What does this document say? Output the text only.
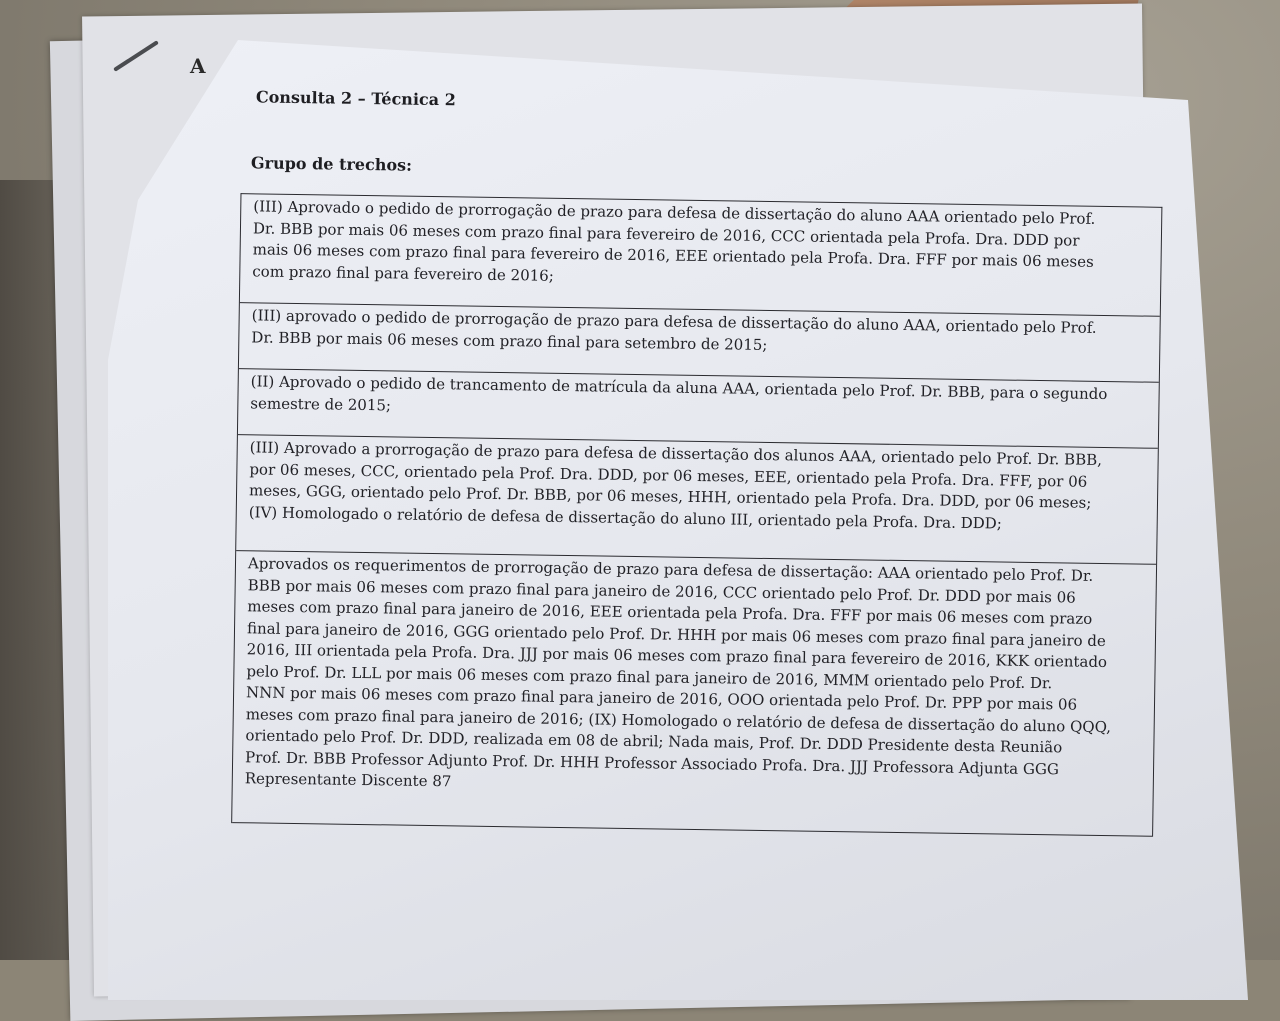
A
Consulta 2 – Técnica 2
Grupo de trechos:
(III) Aprovado o pedido de prorrogação de prazo para defesa de dissertação do aluno AAA orientado pelo Prof.
Dr. BBB por mais 06 meses com prazo final para fevereiro de 2016, CCC orientada pela Profa. Dra. DDD por
mais 06 meses com prazo final para fevereiro de 2016, EEE orientado pela Profa. Dra. FFF por mais 06 meses
com prazo final para fevereiro de 2016;
(III) aprovado o pedido de prorrogação de prazo para defesa de dissertação do aluno AAA, orientado pelo Prof.
Dr. BBB por mais 06 meses com prazo final para setembro de 2015;
(II) Aprovado o pedido de trancamento de matrícula da aluna AAA, orientada pelo Prof. Dr. BBB, para o segundo
semestre de 2015;
(III) Aprovado a prorrogação de prazo para defesa de dissertação dos alunos AAA, orientado pelo Prof. Dr. BBB,
por 06 meses, CCC, orientado pela Prof. Dra. DDD, por 06 meses, EEE, orientado pela Profa. Dra. FFF, por 06
meses, GGG, orientado pelo Prof. Dr. BBB, por 06 meses, HHH, orientado pela Profa. Dra. DDD, por 06 meses;
(IV) Homologado o relatório de defesa de dissertação do aluno III, orientado pela Profa. Dra. DDD;
Aprovados os requerimentos de prorrogação de prazo para defesa de dissertação: AAA orientado pelo Prof. Dr.
BBB por mais 06 meses com prazo final para janeiro de 2016, CCC orientado pelo Prof. Dr. DDD por mais 06
meses com prazo final para janeiro de 2016, EEE orientada pela Profa. Dra. FFF por mais 06 meses com prazo
final para janeiro de 2016, GGG orientado pelo Prof. Dr. HHH por mais 06 meses com prazo final para janeiro de
2016, III orientada pela Profa. Dra. JJJ por mais 06 meses com prazo final para fevereiro de 2016, KKK orientado
pelo Prof. Dr. LLL por mais 06 meses com prazo final para janeiro de 2016, MMM orientado pelo Prof. Dr.
NNN por mais 06 meses com prazo final para janeiro de 2016, OOO orientada pelo Prof. Dr. PPP por mais 06
meses com prazo final para janeiro de 2016; (IX) Homologado o relatório de defesa de dissertação do aluno QQQ,
orientado pelo Prof. Dr. DDD, realizada em 08 de abril; Nada mais, Prof. Dr. DDD Presidente desta Reunião
Prof. Dr. BBB Professor Adjunto Prof. Dr. HHH Professor Associado Profa. Dra. JJJ Professora Adjunta GGG
Representante Discente 87
